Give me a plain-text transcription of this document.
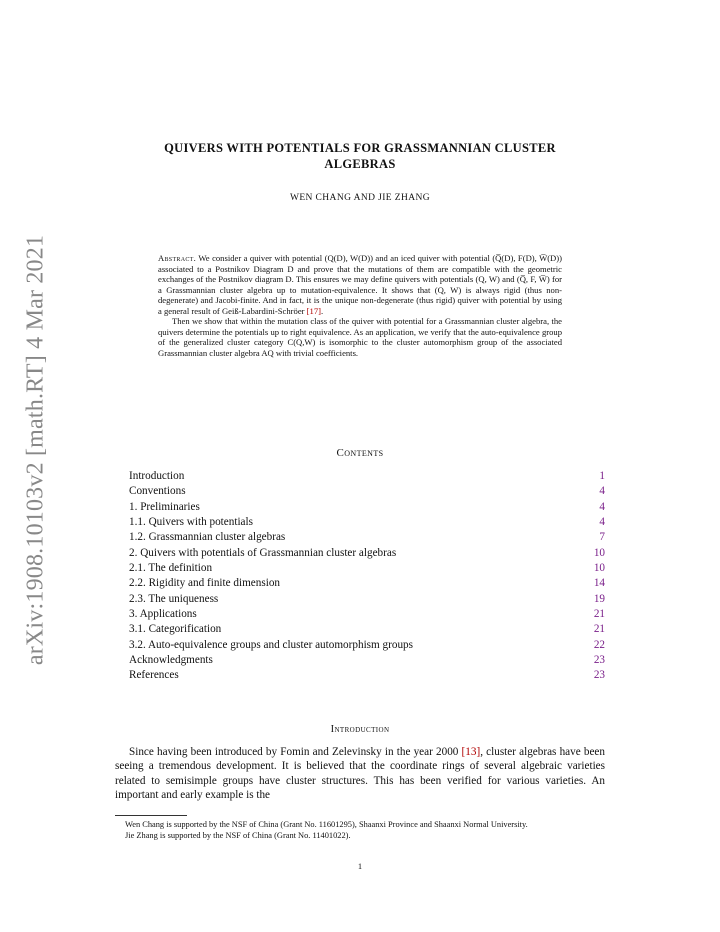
arXiv:1908.10103v2 [math.RT] 4 Mar 2021
QUIVERS WITH POTENTIALS FOR GRASSMANNIAN CLUSTER
ALGEBRAS
WEN CHANG AND JIE ZHANG

Abstract. We consider a quiver with potential (Q(D), W(D)) and an iced quiver with potential (Q̅(D), F(D), W̅(D)) associated to a Postnikov Diagram D and prove that the mutations of them are compatible with the geometric exchanges of the Postnikov diagram D. This ensures we may define quivers with potentials (Q, W) and (Q̅, F, W̅) for a Grassmannian cluster algebra up to mutation-equivalence. It shows that (Q, W) is always rigid (thus non-degenerate) and Jacobi-finite. And in fact, it is the unique non-degenerate (thus rigid) quiver with potential by using a general result of Geiß-Labardini-Schröer [17].

Then we show that within the mutation class of the quiver with potential for a Grassmannian cluster algebra, the quivers determine the potentials up to right equivalence. As an application, we verify that the auto-equivalence group of the generalized cluster category C(Q,W) is isomorphic to the cluster automorphism group of the associated Grassmannian cluster algebra AQ with trivial coefficients.

Contents
Introduction	1
Conventions	4
1. Preliminaries	4
1.1. Quivers with potentials	4
1.2. Grassmannian cluster algebras	7
2. Quivers with potentials of Grassmannian cluster algebras	10
2.1. The definition	10
2.2. Rigidity and finite dimension	14
2.3. The uniqueness	19
3. Applications	21
3.1. Categorification	21
3.2. Auto-equivalence groups and cluster automorphism groups	22
Acknowledgments	23
References	23
Introduction

Since having been introduced by Fomin and Zelevinsky in the year 2000 [13], cluster algebras have been seeing a tremendous development. It is believed that the coordinate rings of several algebraic varieties related to semisimple groups have cluster structures. This has been verified for various varieties. An important and early example is the

Wen Chang is supported by the NSF of China (Grant No. 11601295), Shaanxi Province and Shaanxi Normal University.

Jie Zhang is supported by the NSF of China (Grant No. 11401022).

1
